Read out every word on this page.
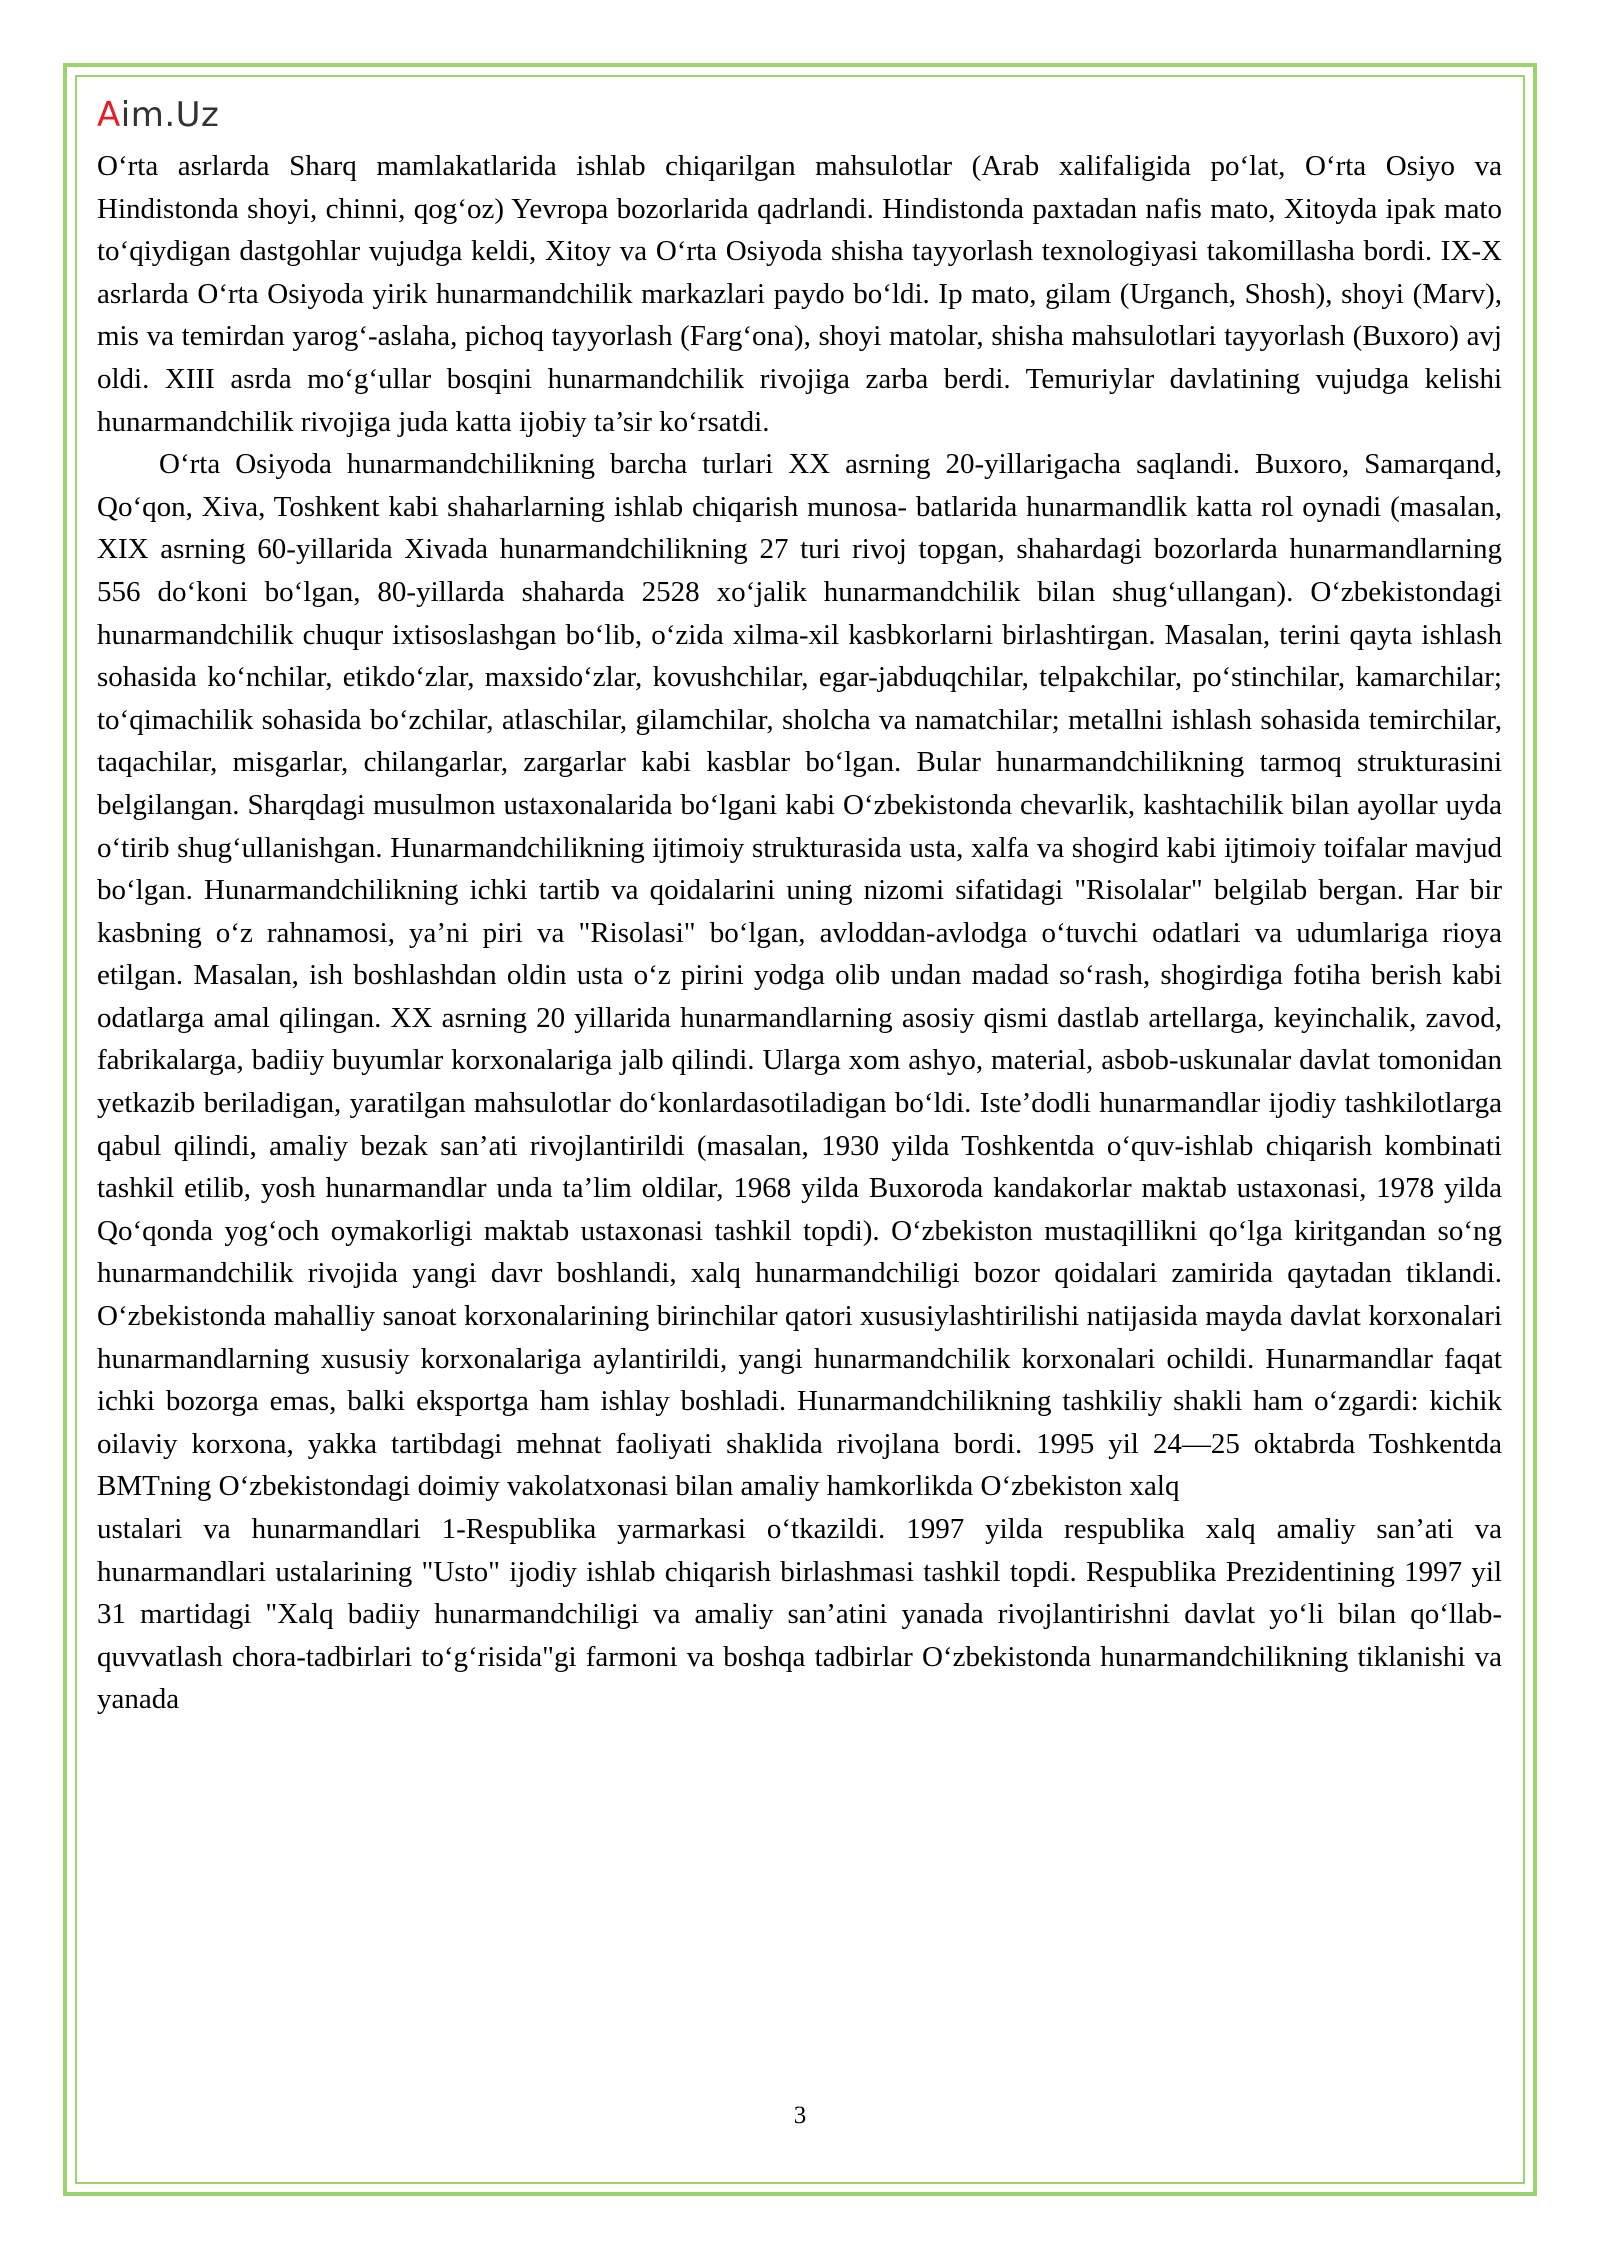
Aim.Uz

O‘rta asrlarda Sharq mamlakatlarida ishlab chiqarilgan mahsulotlar (Arab xalifaligida po‘lat, O‘rta Osiyo va Hindistonda shoyi, chinni, qog‘oz) Yevropa bozorlarida qadrlandi. Hindistonda paxtadan nafis mato, Xitoyda ipak mato to‘qiydigan dastgohlar vujudga keldi, Xitoy va O‘rta Osiyoda shisha tayyorlash texnologiyasi takomillasha bordi. IX-X asrlarda O‘rta Osiyoda yirik hunarmandchilik markazlari paydo bo‘ldi. Ip mato, gilam (Urganch, Shosh), shoyi (Marv), mis va temirdan yarog‘-aslaha, pichoq tayyorlash (Farg‘ona), shoyi matolar, shisha mahsulotlari tayyorlash (Buxoro) avj oldi. XIII asrda mo‘g‘ullar bosqini hunarmandchilik rivojiga zarba berdi. Temuriylar davlatining vujudga kelishi hunarmandchilik rivojiga juda katta ijobiy ta’sir ko‘rsatdi.

O‘rta Osiyoda hunarmandchilikning barcha turlari XX asrning 20-yillarigacha saqlandi. Buxoro, Samarqand, Qo‘qon, Xiva, Toshkent kabi shaharlarning ishlab chiqarish munosa- batlarida hunarmandlik katta rol oynadi (masalan, XIX asrning 60-yillarida Xivada hunarmandchilikning 27 turi rivoj topgan, shahardagi bozorlarda hunarmandlarning 556 do‘koni bo‘lgan, 80-yillarda shaharda 2528 xo‘jalik hunarmandchilik bilan shug‘ullangan). O‘zbekistondagi hunarmandchilik chuqur ixtisoslashgan bo‘lib, o‘zida xilma-xil kasbkorlarni birlashtirgan. Masalan, terini qayta ishlash sohasida ko‘nchilar, etikdo‘zlar, maxsido‘zlar, kovushchilar, egar-jabduqchilar, telpakchilar, po‘stinchilar, kamarchilar; to‘qimachilik sohasida bo‘zchilar, atlaschilar, gilamchilar, sholcha va namatchilar; metallni ishlash sohasida temirchilar, taqachilar, misgarlar, chilangarlar, zargarlar kabi kasblar bo‘lgan. Bular hunarmandchilikning tarmoq strukturasini belgilangan. Sharqdagi musulmon ustaxonalarida bo‘lgani kabi O‘zbekistonda chevarlik, kashtachilik bilan ayollar uyda o‘tirib shug‘ullanishgan. Hunarmandchilikning ijtimoiy strukturasida usta, xalfa va shogird kabi ijtimoiy toifalar mavjud bo‘lgan. Hunarmandchilikning ichki tartib va qoidalarini uning nizomi sifatidagi "Risolalar" belgilab bergan. Har bir kasbning o‘z rahnamosi, ya’ni piri va "Risolasi" bo‘lgan, avloddan-avlodga o‘tuvchi odatlari va udumlariga rioya etilgan. Masalan, ish boshlashdan oldin usta o‘z pirini yodga olib undan madad so‘rash, shogirdiga fotiha berish kabi odatlarga amal qilingan. XX asrning 20 yillarida hunarmandlarning asosiy qismi dastlab artellarga, keyinchalik, zavod, fabrikalarga, badiiy buyumlar korxonalariga jalb qilindi. Ularga xom ashyo, material, asbob-uskunalar davlat tomonidan yetkazib beriladigan, yaratilgan mahsulotlar do‘konlardasotiladigan bo‘ldi. Iste’dodli hunarmandlar ijodiy tashkilotlarga qabul qilindi, amaliy bezak san’ati rivojlantirildi (masalan, 1930 yilda Toshkentda o‘quv-ishlab chiqarish kombinati tashkil etilib, yosh hunarmandlar unda ta’lim oldilar, 1968 yilda Buxoroda kandakorlar maktab ustaxonasi, 1978 yilda Qo‘qonda yog‘och oymakorligi maktab ustaxonasi tashkil topdi). O‘zbekiston mustaqillikni qo‘lga kiritgandan so‘ng hunarmandchilik rivojida yangi davr boshlandi, xalq hunarmandchiligi bozor qoidalari zamirida qaytadan tiklandi. O‘zbekistonda mahalliy sanoat korxonalarining birinchilar qatori xususiylashtirilishi natijasida mayda davlat korxonalari hunarmandlarning xususiy korxonalariga aylantirildi, yangi hunarmandchilik korxonalari ochildi. Hunarmandlar faqat ichki bozorga emas, balki eksportga ham ishlay boshladi. Hunarmandchilikning tashkiliy shakli ham o‘zgardi: kichik oilaviy korxona, yakka tartibdagi mehnat faoliyati shaklida rivojlana bordi. 1995 yil 24—25 oktabrda Toshkentda BMTning O‘zbekistondagi doimiy vakolatxonasi bilan amaliy hamkorlikda O‘zbekiston xalq

ustalari va hunarmandlari 1-Respublika yarmarkasi o‘tkazildi. 1997 yilda respublika xalq amaliy san’ati va hunarmandlari ustalarining "Usto" ijodiy ishlab chiqarish birlashmasi tashkil topdi. Respublika Prezidentining 1997 yil 31 martidagi "Xalq badiiy hunarmandchiligi va amaliy san’atini yanada rivojlantirishni davlat yo‘li bilan qo‘llab-quvvatlash chora-tadbirlari to‘g‘risida"gi farmoni va boshqa tadbirlar O‘zbekistonda hunarmandchilikning tiklanishi va yanada

3
